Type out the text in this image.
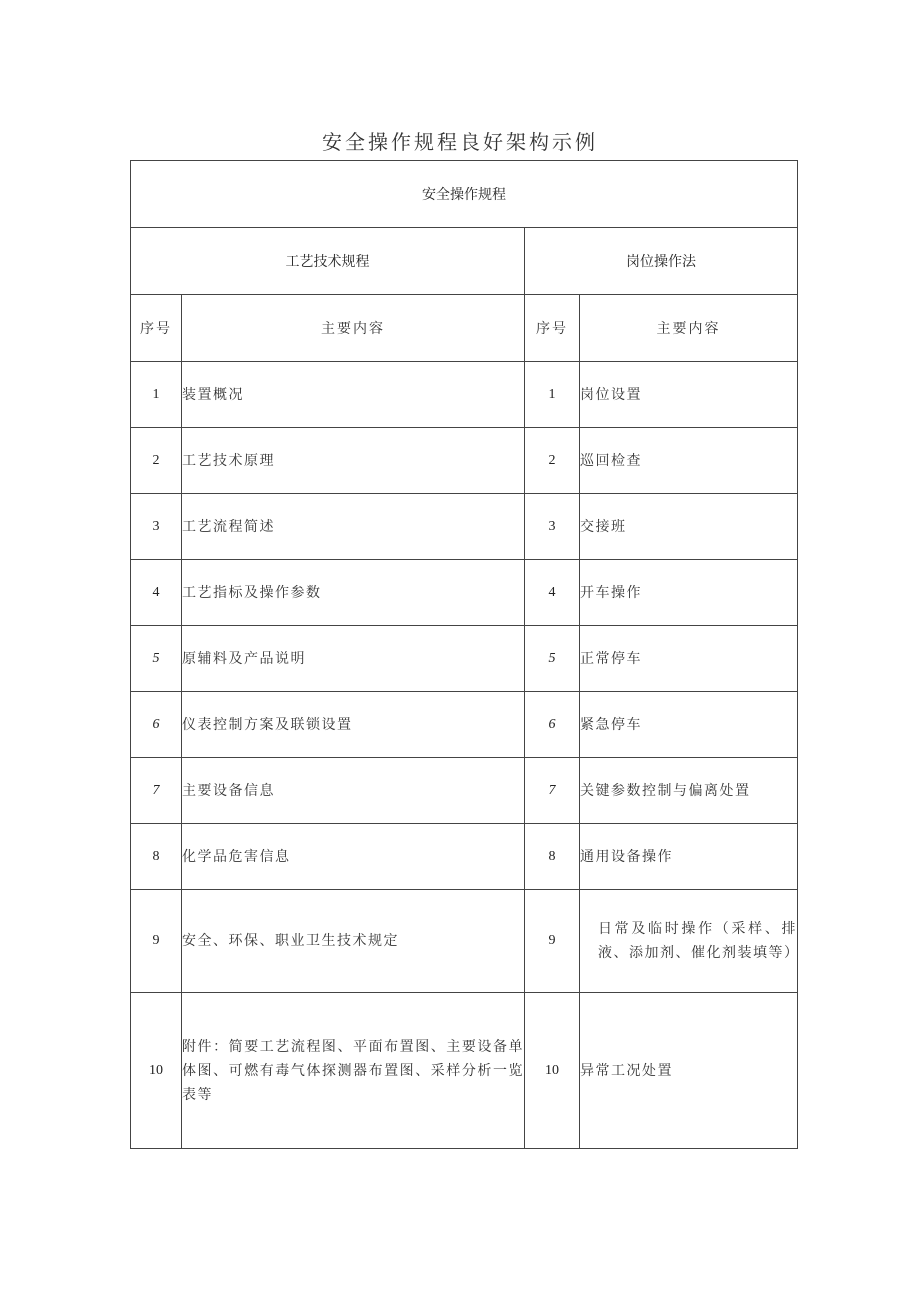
安全操作规程良好架构示例
安全操作规程			
工艺技术规程		岗位操作法	
序号	主要内容	序号	主要内容
1	装置概况	1	岗位设置
2	工艺技术原理	2	巡回检查
3	工艺流程简述	3	交接班
4	工艺指标及操作参数	4	开车操作
5	原辅料及产品说明	5	正常停车
6	仪表控制方案及联锁设置	6	紧急停车
7	主要设备信息	7	关键参数控制与偏离处置
8	化学品危害信息	8	通用设备操作
9	安全、环保、职业卫生技术规定	9	日常及临时操作（采样、排液、添加剂、催化剂装填等）
10	附件：简要工艺流程图、平面布置图、主要设备单体图、可燃有毒气体探测器布置图、采样分析一览表等	10	异常工况处置
